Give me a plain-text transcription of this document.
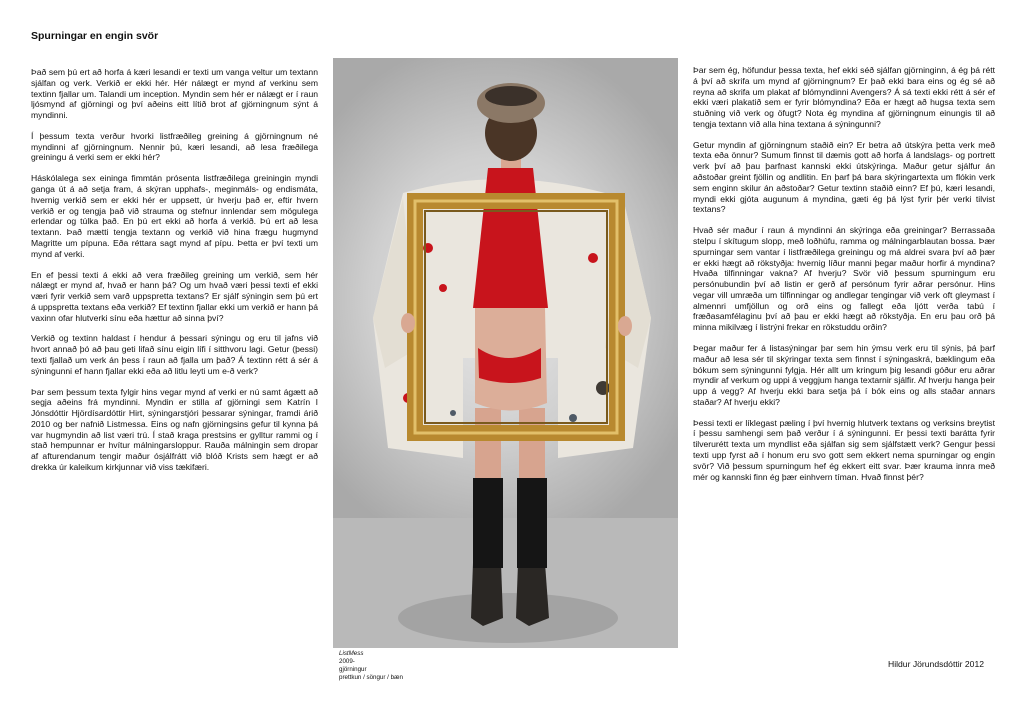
Spurningar en engin svör

Það sem þú ert að horfa á kæri lesandi er texti um vanga veltur um textann sjálfan og verk. Verkið er ekki hér. Hér nálægt er mynd af verkinu sem textinn fjallar um. Talandi um inception. Myndin sem hér er nálægt er í raun ljósmynd af gjörningi og því aðeins eitt lítið brot af gjörningnum sýnt á myndinni.

Í þessum texta verður hvorki listfræðileg greining á gjörningnum né myndinni af gjörningnum. Nennir þú, kæri lesandi, að lesa fræðilega greiningu á verki sem er ekki hér?

Háskólalega sex eininga fimmtán prósenta listfræðilega greiningin myndi ganga út á að setja fram, á skýran upphafs-, meginmáls- og endismáta, hvernig verkið sem er ekki hér er uppsett, úr hverju það er, eftir hvern verkið er og tengja það við strauma og stefnur innlendar sem mögulega erlendar og túlka það. En þú ert ekki að horfa á verkið. Þú ert að lesa textann. Það mætti tengja textann og verkið við hina frægu hugmynd Magritte um pípuna. Eða réttara sagt mynd af pípu. Þetta er því texti um mynd af verki.

En ef þessi texti á ekki að vera fræðileg greining um verkið, sem hér nálægt er mynd af, hvað er hann þá? Og um hvað væri þessi texti ef ekki væri fyrir verkið sem varð uppspretta textans? Er sjálf sýningin sem þú ert á uppspretta textans eða verkið? Ef textinn fjallar ekki um verkið er hann þá vaxinn ofar hlutverki sínu eða hættur að sinna því?

Verkið og textinn haldast í hendur á þessari sýningu og eru til jafns við hvort annað þó að þau geti lifað sínu eigin lífi í sitthvoru lagi. Getur (þessi) texti fjallað um verk án þess í raun að fjalla um það? Á textinn rétt á sér á sýningunni ef hann fjallar ekki eða að litlu leyti um e-ð verk?

Þar sem þessum texta fylgir hins vegar mynd af verki er nú samt ágætt að segja aðeins frá myndinni. Myndin er stilla af gjörningi sem Katrín I Jónsdóttir Hjördísardóttir Hirt, sýningarstjóri þessarar sýningar, framdi árið 2010 og ber nafnið Listmessa. Eins og nafn gjörningsins gefur til kynna þá var hugmyndin að list væri trú. Í stað kraga prestsins er gylltur rammi og í stað hempunnar er hvítur málningarsloppur. Rauða málningin sem dropar af afturendanum tengir maður ósjálfrátt við blóð Krists sem hægt er að drekka úr kaleikum kirkjunnar við viss tækifæri.

ListMess
2009-
gjörningur
prettkun / söngur / bæn

Þar sem ég, höfundur þessa texta, hef ekki séð sjálfan gjörninginn, á ég þá rétt á því að skrifa um mynd af gjörningnum? Er það ekki bara eins og ég sé að reyna að skrifa um plakat af blómyndinni Avengers? Á sá texti ekki rétt á sér ef ekki væri plakatið sem er fyrir blómyndina? Eða er hægt að hugsa texta sem stuðning við verk og öfugt? Nota ég myndina af gjörningnum einungis til að tengja textann við alla hina textana á sýningunni?

Getur myndin af gjörningnum staðið ein? Er betra að útskýra þetta verk með texta eða önnur? Sumum finnst til dæmis gott að horfa á landslags- og portrett verk því að þau þarfnast kannski ekki útskýringa. Maður getur sjálfur án aðstoðar greint fjöllin og andlitin. En þarf þá bara skýringartexta um flókin verk sem enginn skilur án aðstoðar? Getur textinn staðið einn? Ef þú, kæri lesandi, myndi ekki gjóta augunum á myndina, gæti ég þá lýst fyrir þér verki tilvist textans?

Hvað sér maður í raun á myndinni án skýringa eða greiningar? Berrassaða stelpu í skítugum slopp, með loðhúfu, ramma og málningarblautan bossa. Þær spurningar sem vantar í listfræðilega greiningu og má aldrei svara því að þær er ekki hægt að rökstyðja: hvernig líður manni þegar maður horfir á myndina? Hvaða tilfinningar vakna? Af hverju? Svör við þessum spurningum eru persónubundin því að listin er gerð af persónum fyrir aðrar persónur. Hins vegar vill umræða um tilfinningar og andlegar tengingar við verk oft gleymast í almennri umfjöllun og orð eins og fallegt eða ljótt verða tabú í fræðasamfélaginu því að þau er ekki hægt að rökstyðja. En eru þau orð þá minna mikilvæg í listrýni frekar en rökstuddu orðin?

Þegar maður fer á listasýningar þar sem hin ýmsu verk eru til sýnis, þá þarf maður að lesa sér til skýringar texta sem finnst í sýningaskrá, bæklingum eða bókum sem sýningunni fylgja. Hér allt um kringum þig lesandi góður eru aðrar myndir af verkum og uppi á veggjum hanga textarnir sjálfir. Af hverju hanga þeir upp á vegg? Af hverju ekki bara setja þá í bók eins og alls staðar annars staðar? Af hverju ekki?

Þessi texti er líklegast pæling í því hvernig hlutverk textans og verksins breytist í þessu samhengi sem það verður í á sýningunni. Er þessi texti barátta fyrir tilverurétt texta um myndlist eða sjálfan sig sem sjálfstætt verk? Gengur þessi texti upp fyrst að í honum eru svo gott sem ekkert nema spurningar og engin svör? Við þessum spurningum hef ég ekkert eitt svar. Þær krauma innra með mér og kannski finn ég þær einhvern tíman. Hvað finnst þér?

Hildur Jörundsdóttir 2012
